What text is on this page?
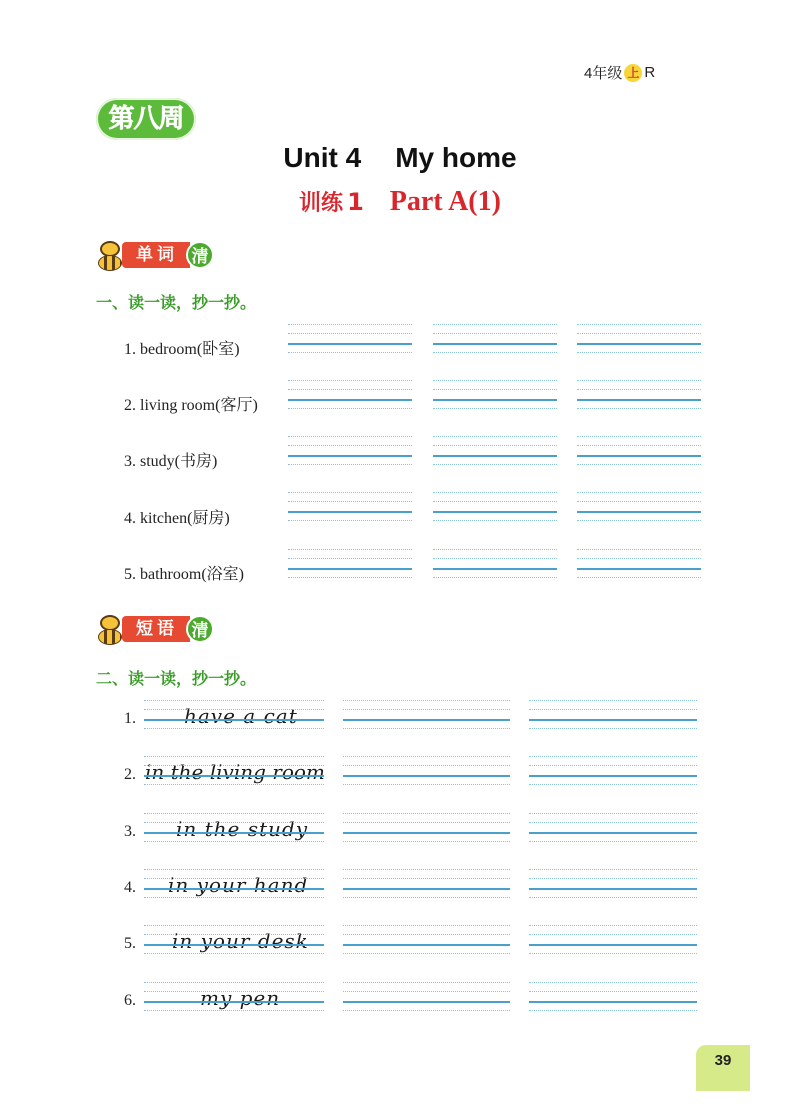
4年级 上 R
第八周
Unit 4 My home
训练 1 Part A(1)
单词 清
一、读一读，抄一抄。
1. bedroom(卧室)
2. living room(客厅)
3. study(书房)
4. kitchen(厨房)
5. bathroom(浴室)
短语 清
二、读一读，抄一抄。
1. have a cat
2. in the living room
3. in the study
4. in your hand
5. in your desk
6.	my pen
39
